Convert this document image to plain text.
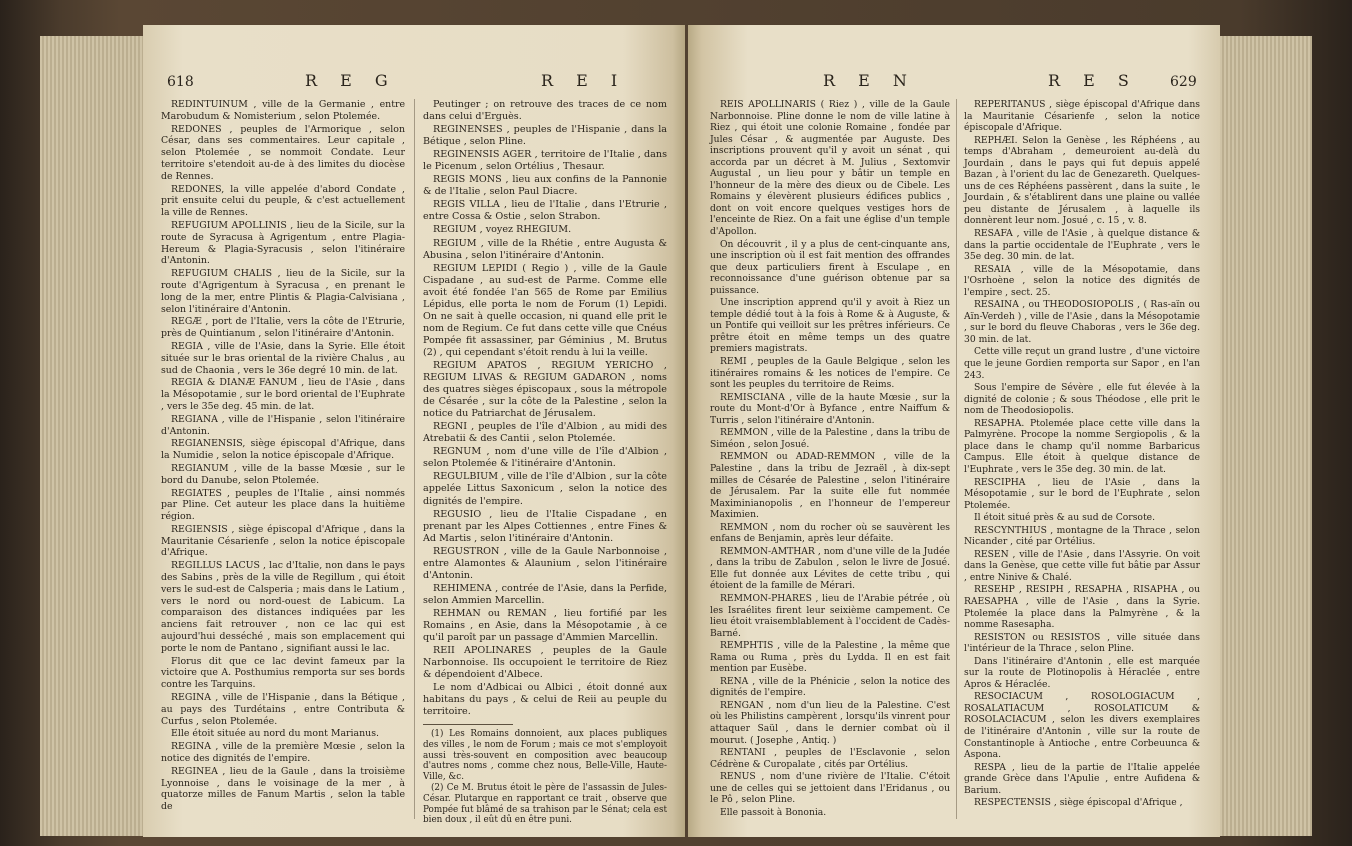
618	R E G	R E I

REDINTUINUM , ville de la Germanie , entre Marobudum & Nomisterium , selon Ptolemée.

REDONES , peuples de l'Armorique , selon César, dans ses commentaires. Leur capitale , selon Ptolemée , se nommoit Condate. Leur territoire s'etendoit au-de à des limites du diocèse de Rennes.

REDONES, la ville appelée d'abord Condate , prit ensuite celui du peuple, & c'est actuellement la ville de Rennes.

REFUGIUM APOLLINIS , lieu de la Sicile, sur la route de Syracusa à Agrigentum , entre Plagia-Hereum & Plagia-Syracusis , selon l'itinéraire d'Antonin.

REFUGIUM CHALIS , lieu de la Sicile, sur la route d'Agrigentum à Syracusa , en prenant le long de la mer, entre Plintis & Plagia-Calvisiana , selon l'itinéraire d'Antonin.

REGÆ , port de l'Italie, vers la côte de l'Etrurie, près de Quintianum , selon l'itinéraire d'Antonin.

REGIA , ville de l'Asie, dans la Syrie. Elle étoit située sur le bras oriental de la rivière Chalus , au sud de Chaonia , vers le 36e degré 10 min. de lat.

REGIA & DIANÆ FANUM , lieu de l'Asie , dans la Mésopotamie , sur le bord oriental de l'Euphrate , vers le 35e deg. 45 min. de lat.

REGIANA , ville de l'Hispanie , selon l'itinéraire d'Antonin.

REGIANENSIS, siège épiscopal d'Afrique, dans la Numidie , selon la notice épiscopale d'Afrique.

REGIANUM , ville de la basse Mœsie , sur le bord du Danube, selon Ptolemée.

REGIATES , peuples de l'Italie , ainsi nommés par Pline. Cet auteur les place dans la huitième région.

REGIENSIS , siège épiscopal d'Afrique , dans la Mauritanie Césarienfe , selon la notice épiscopale d'Afrique.

REGILLUS LACUS , lac d'Italie, non dans le pays des Sabins , près de la ville de Regillum , qui étoit vers le sud-est de Calsperia ; mais dans le Latium , vers le nord ou nord-ouest de Labicum. La comparaison des distances indiquées par les anciens fait retrouver , non ce lac qui est aujourd'hui desséché , mais son emplacement qui porte le nom de Pantano , signifiant aussi le lac.

Florus dit que ce lac devint fameux par la victoire que A. Posthumius remporta sur ses bords contre les Tarquins.

REGINA , ville de l'Hispanie , dans la Bétique , au pays des Turdétains , entre Contributa & Curfus , selon Ptolemée.

Elle étoit située au nord du mont Marianus.

REGINA , ville de la première Mœsie , selon la notice des dignités de l'empire.

REGINEA , lieu de la Gaule , dans la troisième Lyonnoise , dans le voisinage de la mer , à quatorze milles de Fanum Martis , selon la table de

Peutinger ; on retrouve des traces de ce nom dans celui d'Erguès.

REGINENSES , peuples de l'Hispanie , dans la Bétique , selon Pline.

REGINENSIS AGER , territoire de l'Italie , dans le Picenum , selon Ortélius , Thesaur.

REGIS MONS , lieu aux confins de la Pannonie & de l'Italie , selon Paul Diacre.

REGIS VILLA , lieu de l'Italie , dans l'Etrurie , entre Cossa & Ostie , selon Strabon.

REGIUM , voyez RHEGIUM.

REGIUM , ville de la Rhétie , entre Augusta & Abusina , selon l'itinéraire d'Antonin.

REGIUM LEPIDI ( Regio ) , ville de la Gaule Cispadane , au sud-est de Parme. Comme elle avoit été fondée l'an 565 de Rome par Emilius Lépidus, elle porta le nom de Forum (1) Lepidi. On ne sait à quelle occasion, ni quand elle prit le nom de Regium. Ce fut dans cette ville que Cnéus Pompée fit assassiner, par Géminius , M. Brutus (2) , qui cependant s'étoit rendu à lui la veille.

REGIUM APATOS , REGIUM YERICHO , REGIUM LIVAS & REGIUM GADARON , noms des quatres sièges épiscopaux , sous la métropole de Césarée , sur la côte de la Palestine , selon la notice du Patriarchat de Jérusalem.

REGNI , peuples de l'île d'Albion , au midi des Atrebatii & des Cantii , selon Ptolemée.

REGNUM , nom d'une ville de l'île d'Albion , selon Ptolemée & l'itinéraire d'Antonin.

REGULBIUM , ville de l'île d'Albion , sur la côte appelée Littus Saxonicum , selon la notice des dignités de l'empire.

REGUSIO , lieu de l'Italie Cispadane , en prenant par les Alpes Cottiennes , entre Fines & Ad Martis , selon l'itinéraire d'Antonin.

REGUSTRON , ville de la Gaule Narbonnoise , entre Alamontes & Alaunium , selon l'itinéraire d'Antonin.

REHIMENA , contrée de l'Asie, dans la Perfide, selon Ammien Marcellin.

REHMAN ou REMAN , lieu fortifié par les Romains , en Asie, dans la Mésopotamie , à ce qu'il paroît par un passage d'Ammien Marcellin.

REII APOLINARES , peuples de la Gaule Narbonnoise. Ils occupoient le territoire de Riez & dépendoient d'Albece.

Le nom d'Adbicai ou Albici , étoit donné aux habitans du pays , & celui de Reii au peuple du territoire.

(1) Les Romains donnoient, aux places publiques des villes , le nom de Forum ; mais ce mot s'employoit aussi très-souvent en composition avec beaucoup d'autres noms , comme chez nous, Belle-Ville, Haute-Ville, &c.

(2) Ce M. Brutus étoit le père de l'assassin de Jules-César. Plutarque en rapportant ce trait , observe que Pompée fut blâmé de sa trahison par le Sénat; cela est bien doux , il eût dû en être puni.

R E N	R E S 629

REIS APOLLINARIS ( Riez ) , ville de la Gaule Narbonnoise. Pline donne le nom de ville latine à Riez , qui étoit une colonie Romaine , fondée par Jules César , & augmentée par Auguste. Des inscriptions prouvent qu'il y avoit un sénat , qui accorda par un décret à M. Julius , Sextomvir Augustal , un lieu pour y bâtir un temple en l'honneur de la mère des dieux ou de Cibele. Les Romains y élevèrent plusieurs édifices publics , dont on voit encore quelques vestiges hors de l'enceinte de Riez. On a fait une église d'un temple d'Apollon.

On découvrit , il y a plus de cent-cinquante ans, une inscription où il est fait mention des offrandes que deux particuliers firent à Esculape , en reconnoissance d'une guérison obtenue par sa puissance.

Une inscription apprend qu'il y avoit à Riez un temple dédié tout à la fois à Rome & à Auguste, & un Pontife qui veilloit sur les prêtres inférieurs. Ce prêtre étoit en même temps un des quatre premiers magistrats.

REMI , peuples de la Gaule Belgique , selon les itinéraires romains & les notices de l'empire. Ce sont les peuples du territoire de Reims.

REMISCIANA , ville de la haute Mœsie , sur la route du Mont-d'Or à Byfance , entre Naiffum & Turris , selon l'itinéraire d'Antonin.

REMMON , ville de la Palestine , dans la tribu de Siméon , selon Josué.

REMMON ou ADAD-REMMON , ville de la Palestine , dans la tribu de Jezraël , à dix-sept milles de Césarée de Palestine , selon l'itinéraire de Jérusalem. Par la suite elle fut nommée Maximinianopolis , en l'honneur de l'empereur Maximien.

REMMON , nom du rocher où se sauvèrent les enfans de Benjamin, après leur défaite.

REMMON-AMTHAR , nom d'une ville de la Judée , dans la tribu de Zabulon , selon le livre de Josué. Elle fut donnée aux Lévites de cette tribu , qui étoient de la famille de Mérari.

REMMON-PHARES , lieu de l'Arabie pétrée , où les Israélites firent leur seixième campement. Ce lieu étoit vraisemblablement à l'occident de Cadès-Barné.

REMPHTIS , ville de la Palestine , la même que Rama ou Ruma , près du Lydda. Il en est fait mention par Eusèbe.

RENA , ville de la Phénicie , selon la notice des dignités de l'empire.

RENGAN , nom d'un lieu de la Palestine. C'est où les Philistins campèrent , lorsqu'ils vinrent pour attaquer Saül , dans le dernier combat où il mourut. ( Josephe , Antiq. )

RENTANI , peuples de l'Esclavonie , selon Cédrène & Curopalate , cités par Ortélius.

RENUS , nom d'une rivière de l'Italie. C'étoit une de celles qui se jettoient dans l'Eridanus , ou le Pô , selon Pline.

Elle passoit à Bononia.

REPERITANUS , siège épiscopal d'Afrique dans la Mauritanie Césarienfe , selon la notice épiscopale d'Afrique.

REPHÆI. Selon la Genèse , les Réphéens , au temps d'Abraham , demeuroient au-delà du Jourdain , dans le pays qui fut depuis appelé Bazan , à l'orient du lac de Genezareth. Quelques-uns de ces Réphéens passèrent , dans la suite , le Jourdain , & s'établirent dans une plaine ou vallée peu distante de Jérusalem , à laquelle ils donnèrent leur nom. Josué , c. 15 , v. 8.

RESAFA , ville de l'Asie , à quelque distance & dans la partie occidentale de l'Euphrate , vers le 35e deg. 30 min. de lat.

RESAIA , ville de la Mésopotamie, dans l'Osrhoène , selon la notice des dignités de l'empire , sect. 25.

RESAINA , ou THEODOSIOPOLIS , ( Ras-aïn ou Aïn-Verdeh ) , ville de l'Asie , dans la Mésopotamie , sur le bord du fleuve Chaboras , vers le 36e deg. 30 min. de lat.

Cette ville reçut un grand lustre , d'une victoire que le jeune Gordien remporta sur Sapor , en l'an 243.

Sous l'empire de Sévère , elle fut élevée à la dignité de colonie ; & sous Théodose , elle prit le nom de Theodosiopolis.

RESAPHA. Ptolemée place cette ville dans la Palmyrène. Procope la nomme Sergiopolis , & la place dans le champ qu'il nomme Barbaricus Campus. Elle étoit à quelque distance de l'Euphrate , vers le 35e deg. 30 min. de lat.

RESCIPHA , lieu de l'Asie , dans la Mésopotamie , sur le bord de l'Euphrate , selon Ptolemée.

Il étoit situé près & au sud de Corsote.

RESCYNTHIUS , montagne de la Thrace , selon Nicander , cité par Ortélius.

RESEN , ville de l'Asie , dans l'Assyrie. On voit dans la Genèse, que cette ville fut bâtie par Assur , entre Ninive & Chalé.

RESEHP , RESIPH , RESAPHA , RISAPHA , ou RAESAPHA , ville de l'Asie , dans la Syrie. Ptolemée la place dans la Palmyrène , & la nomme Rasesapha.

RESISTON ou RESISTOS , ville située dans l'intérieur de la Thrace , selon Pline.

Dans l'itinéraire d'Antonin , elle est marquée sur la route de Plotinopolis à Héraclée , entre Apros & Héraclée.

RESOCIACUM , ROSOLOGIACUM , ROSALATIACUM , ROSOLATICUM & ROSOLACIACUM , selon les divers exemplaires de l'itinéraire d'Antonin , ville sur la route de Constantinople à Antioche , entre Corbeuunca & Aspona.

RESPA , lieu de la partie de l'Italie appelée grande Grèce dans l'Apulie , entre Aufidena & Barium.

RESPECTENSIS , siège épiscopal d'Afrique ,
